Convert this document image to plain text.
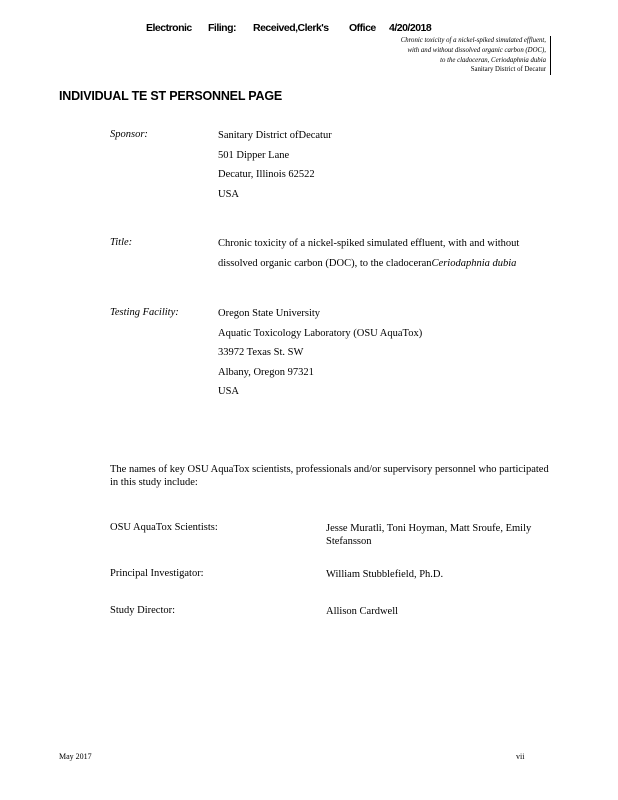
Electronic Filing: Received,Clerk's Office 4/20/2018
Chronic toxicity of a nickel-spiked simulated effluent,
with and without dissolved organic carbon (DOC),
to the cladoceran, Ceriodaphnia dubia
Sanitary District of Decatur
INDIVIDUAL TE ST PERSONNEL PAGE
Sponsor:	Sanitary District ofDecatur
501 Dipper Lane
Decatur, Illinois 62522
USA
Title:	Chronic toxicity of a nickel-spiked simulated effluent, with and without
dissolved organic carbon (DOC), to the cladoceranCeriodaphnia dubia
Testing Facility:	Oregon State University
Aquatic Toxicology Laboratory (OSU AquaTox)
33972 Texas St. SW
Albany, Oregon 97321
USA
The names of key OSU AquaTox scientists, professionals and/or supervisory personnel who participated in this study include:
OSU AquaTox Scientists:	Jesse Muratli, Toni Hoyman, Matt Sroufe, Emily Stefansson
Principal Investigator:	William Stubblefield, Ph.D.
Study Director:	Allison Cardwell
May 2017	vii
